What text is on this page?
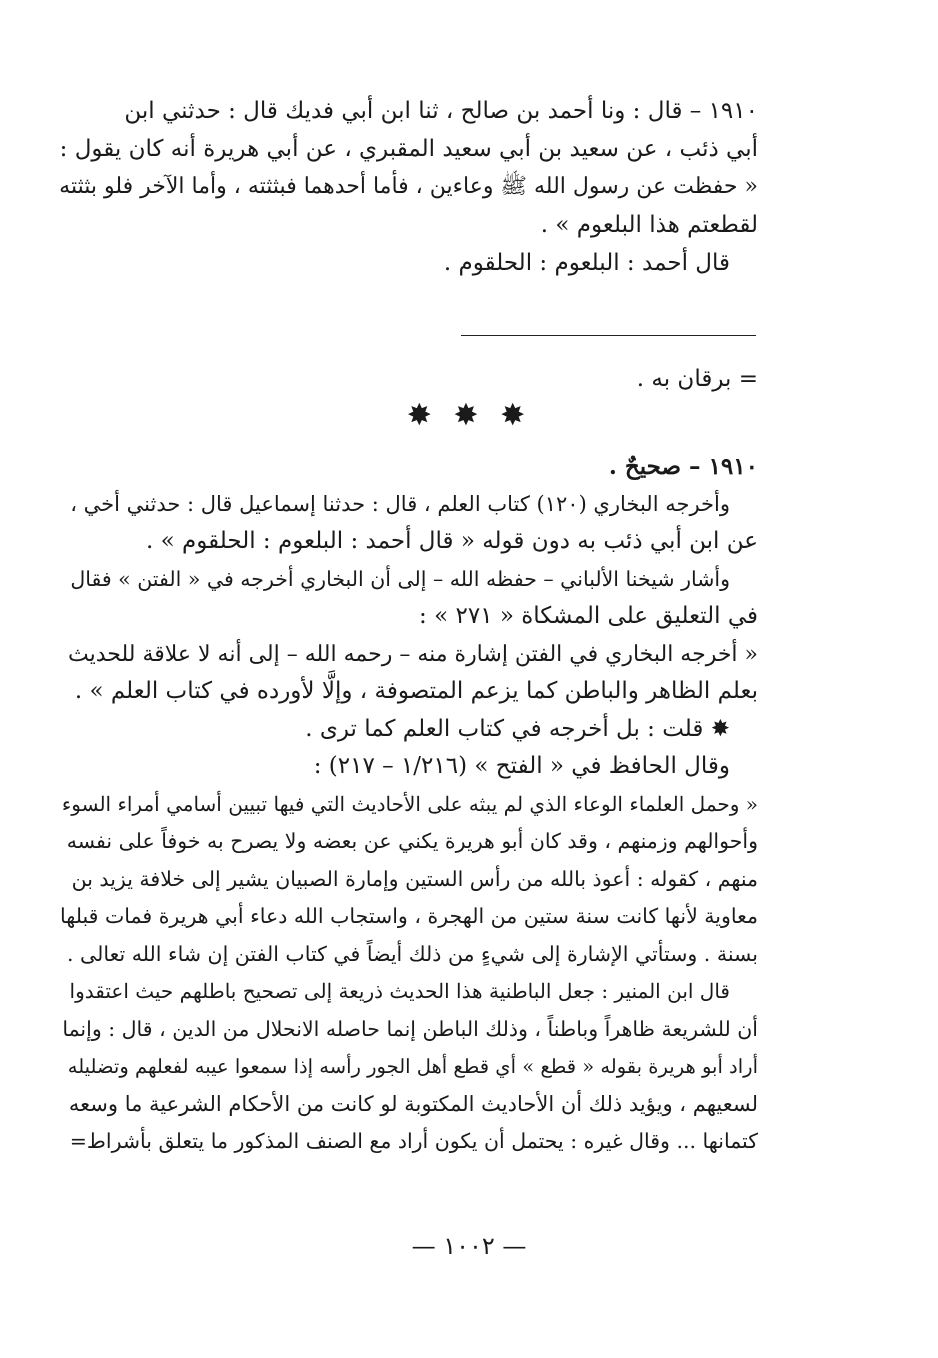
١٩١٠ – قال : ونا أحمد بن صالح ، ثنا ابن أبي فديك قال : حدثني ابن
أبي ذئب ، عن سعيد بن أبي سعيد المقبري ، عن أبي هريرة أنه كان يقول :
« حفظت عن رسول الله ﷺ وعاءين ، فأما أحدهما فبثثته ، وأما الآخر فلو بثثته
لقطعتم هذا البلعوم » .
قال أحمد : البلعوم : الحلقوم .
= برقان به .
✸ ✸ ✸
١٩١٠ – صحيحٌ .
وأخرجه البخاري (١٢٠) كتاب العلم ، قال : حدثنا إسماعيل قال : حدثني أخي ،
عن ابن أبي ذئب به دون قوله « قال أحمد : البلعوم : الحلقوم » .
وأشار شيخنا الألباني – حفظه الله – إلى أن البخاري أخرجه في « الفتن » فقال
في التعليق على المشكاة « ٢٧١ » :
« أخرجه البخاري في الفتن إشارة منه – رحمه الله – إلى أنه لا علاقة للحديث
بعلم الظاهر والباطن كما يزعم المتصوفة ، وإلَّا لأورده في كتاب العلم » .
✸ قلت : بل أخرجه في كتاب العلم كما ترى .
وقال الحافظ في « الفتح » (١/٢١٦ – ٢١٧) :
« وحمل العلماء الوعاء الذي لم يبثه على الأحاديث التي فيها تبيين أسامي أمراء السوء
وأحوالهم وزمنهم ، وقد كان أبو هريرة يكني عن بعضه ولا يصرح به خوفاً على نفسه
منهم ، كقوله : أعوذ بالله من رأس الستين وإمارة الصبيان يشير إلى خلافة يزيد بن
معاوية لأنها كانت سنة ستين من الهجرة ، واستجاب الله دعاء أبي هريرة فمات قبلها
بسنة . وستأتي الإشارة إلى شيءٍ من ذلك أيضاً في كتاب الفتن إن شاء الله تعالى .
قال ابن المنير : جعل الباطنية هذا الحديث ذريعة إلى تصحيح باطلهم حيث اعتقدوا
أن للشريعة ظاهراً وباطناً ، وذلك الباطن إنما حاصله الانحلال من الدين ، قال : وإنما
أراد أبو هريرة بقوله « قطع » أي قطع أهل الجور رأسه إذا سمعوا عيبه لفعلهم وتضليله
لسعيهم ، ويؤيد ذلك أن الأحاديث المكتوبة لو كانت من الأحكام الشرعية ما وسعه
كتمانها ... وقال غيره : يحتمل أن يكون أراد مع الصنف المذكور ما يتعلق بأشراط=
— ١٠٠٢ —
